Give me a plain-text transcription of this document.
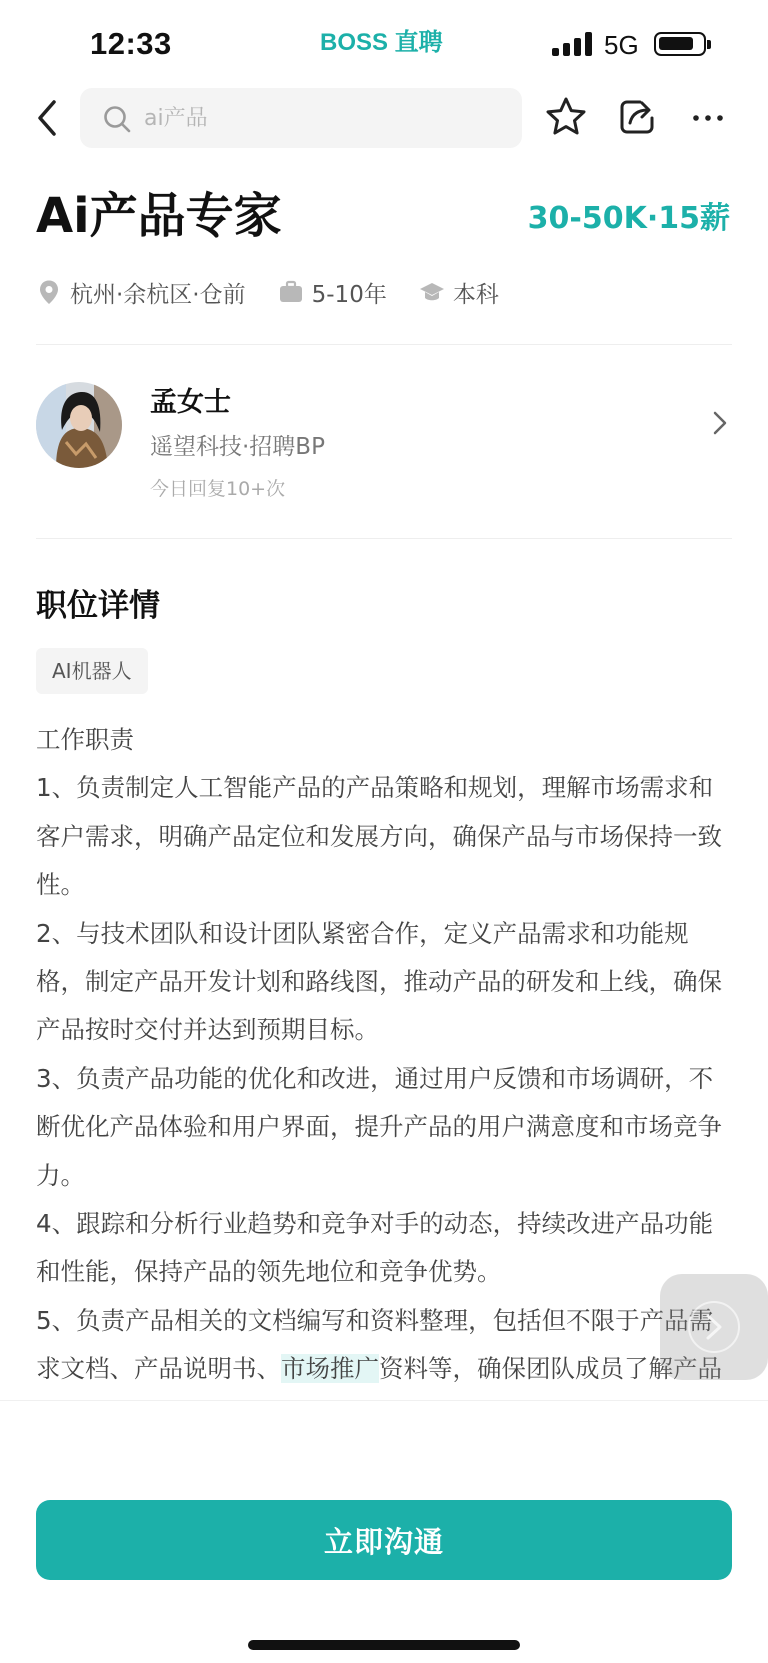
12:33	BOSS 直聘	5G
ai产品
Ai产品专家	30-50K·15薪
杭州·余杭区·仓前	5-10年	本科
孟女士
遥望科技·招聘BP
今日回复10+次
职位详情
AI机器人

工作职责

1、负责制定人工智能产品的产品策略和规划，理解市场需求和客户需求，明确产品定位和发展方向，确保产品与市场保持一致性。

2、与技术团队和设计团队紧密合作，定义产品需求和功能规格，制定产品开发计划和路线图，推动产品的研发和上线，确保产品按时交付并达到预期目标。

3、负责产品功能的优化和改进，通过用户反馈和市场调研，不断优化产品体验和用户界面，提升产品的用户满意度和市场竞争力。

4、跟踪和分析行业趋势和竞争对手的动态，持续改进产品功能和性能，保持产品的领先地位和竞争优势。

5、负责产品相关的文档编写和资料整理，包括但不限于产品需求文档、产品说明书、市场推广资料等，确保团队成员了解产品

立即沟通
